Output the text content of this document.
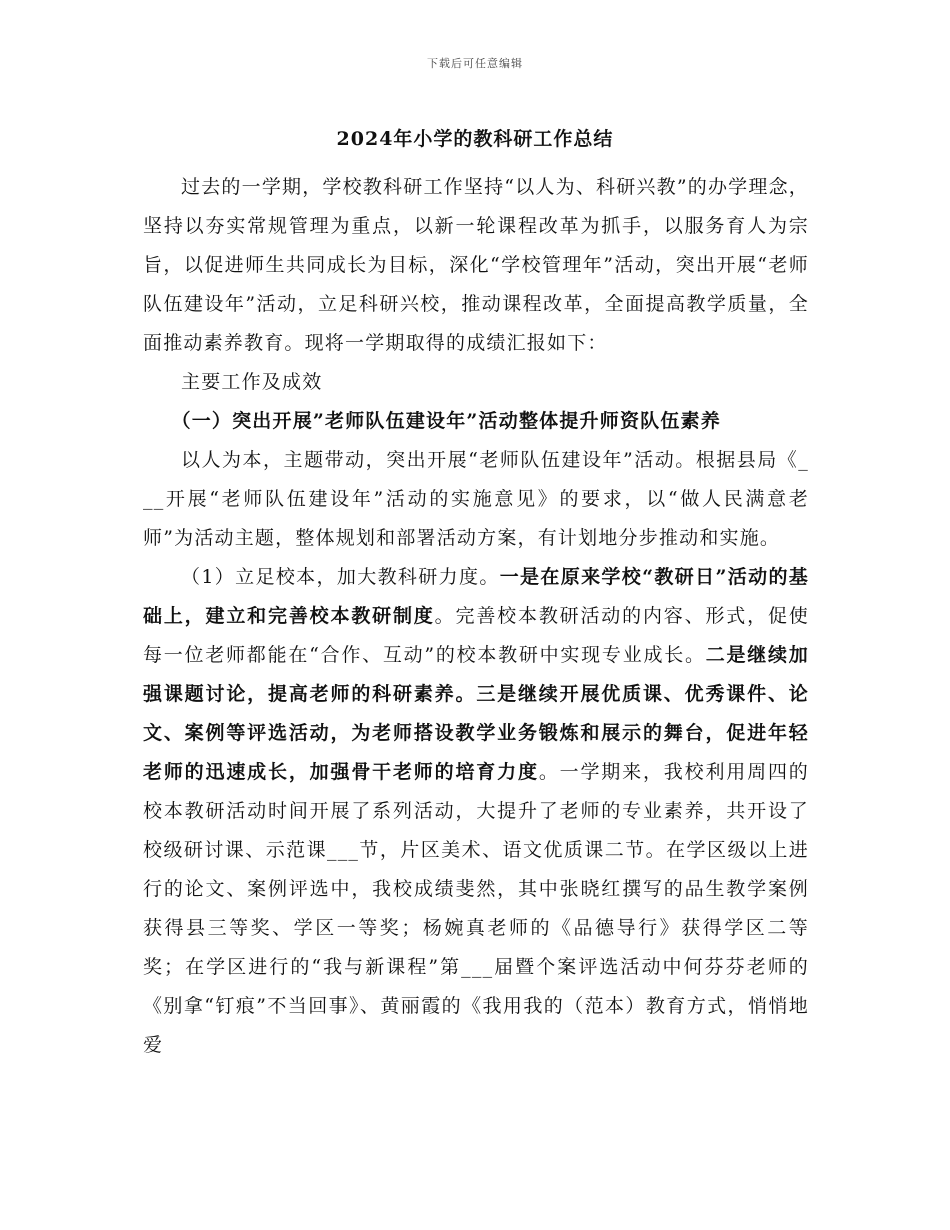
下载后可任意编辑
2024年小学的教科研工作总结

过去的一学期，学校教科研工作坚持“以人为、科研兴教”的办学理念，坚持以夯实常规管理为重点，以新一轮课程改革为抓手，以服务育人为宗旨，以促进师生共同成长为目标，深化“学校管理年”活动，突出开展“老师队伍建设年”活动，立足科研兴校，推动课程改革，全面提高教学质量，全面推动素养教育。现将一学期取得的成绩汇报如下：

主要工作及成效

（一）突出开展”老师队伍建设年”活动整体提升师资队伍素养

以人为本，主题带动，突出开展“老师队伍建设年”活动。根据县局《___开展“老师队伍建设年”活动的实施意见》的要求，以“做人民满意老师”为活动主题，整体规划和部署活动方案，有计划地分步推动和实施。

（1）立足校本，加大教科研力度。一是在原来学校“教研日”活动的基础上，建立和完善校本教研制度。完善校本教研活动的内容、形式，促使每一位老师都能在“合作、互动”的校本教研中实现专业成长。二是继续加强课题讨论，提高老师的科研素养。三是继续开展优质课、优秀课件、论文、案例等评选活动，为老师搭设教学业务锻炼和展示的舞台，促进年轻老师的迅速成长，加强骨干老师的培育力度。一学期来，我校利用周四的校本教研活动时间开展了系列活动，大提升了老师的专业素养，共开设了校级研讨课、示范课___节，片区美术、语文优质课二节。在学区级以上进行的论文、案例评选中，我校成绩斐然，其中张晓红撰写的品生教学案例获得县三等奖、学区一等奖；杨婉真老师的《品德导行》获得学区二等奖；在学区进行的“我与新课程”第___届暨个案评选活动中何芬芬老师的《别拿“钉痕”不当回事》、黄丽霞的《我用我的（范本）教育方式，悄悄地爱
